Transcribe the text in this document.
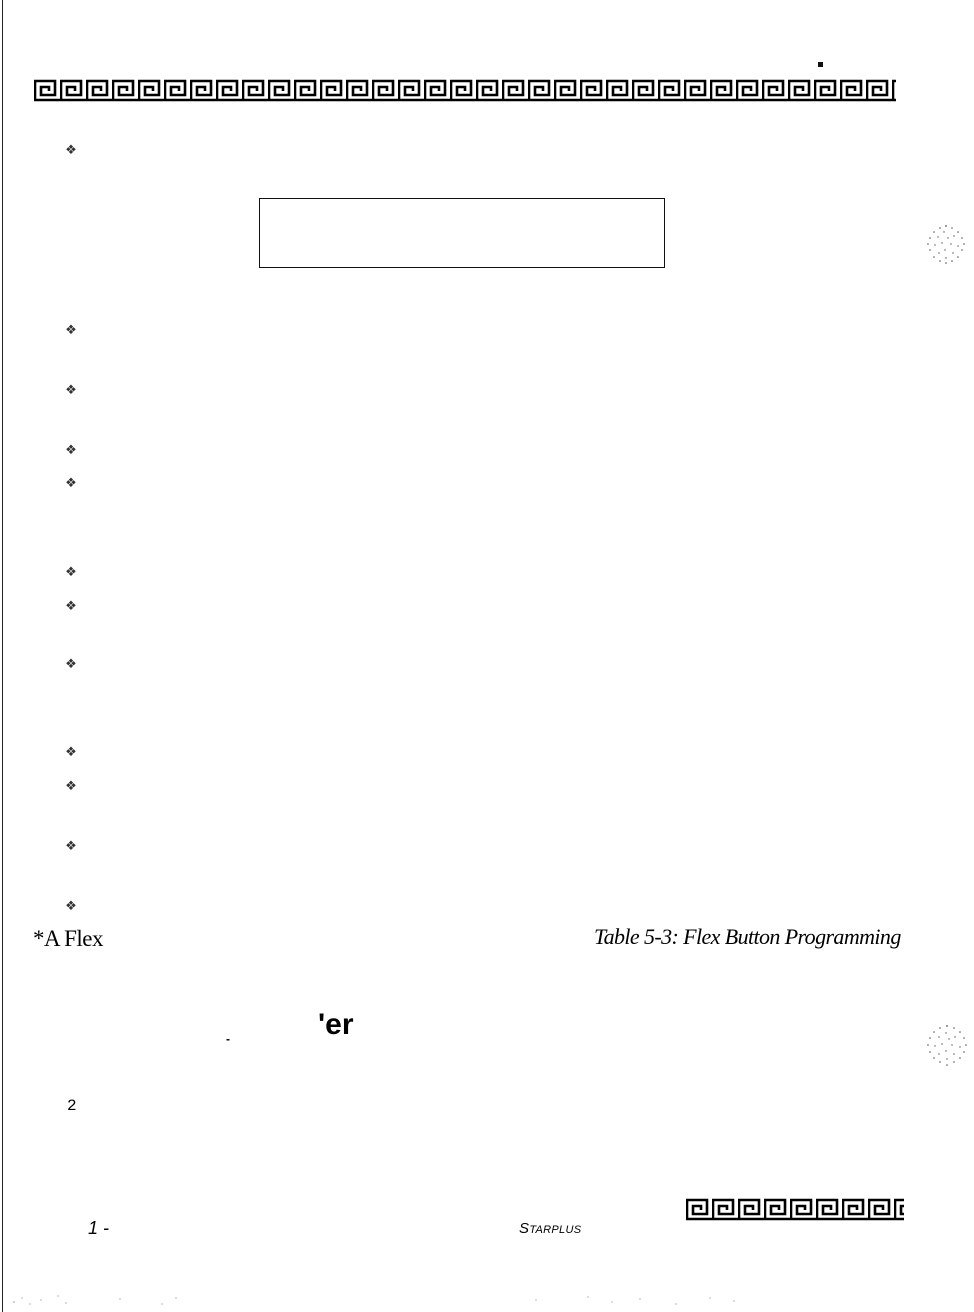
❖
❖
❖
❖
❖
❖
❖
❖
❖
❖
❖
❖
*A Flex	Table 5-3: Flex Button Programming
-	'er
2
1 -	STARPLUS
